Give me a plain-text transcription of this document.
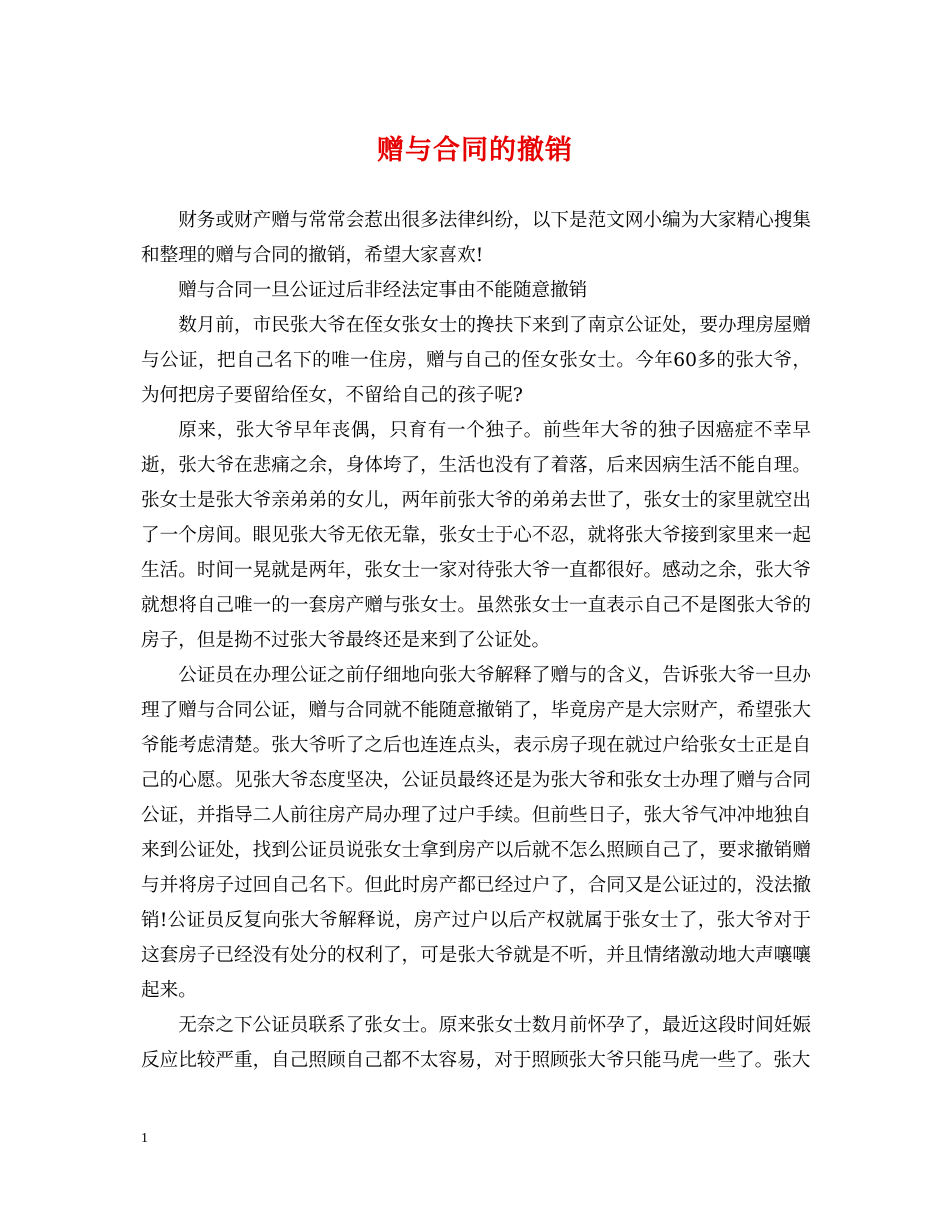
赠与合同的撤销

财务或财产赠与常常会惹出很多法律纠纷，以下是范文网小编为大家精心搜集和整理的赠与合同的撤销，希望大家喜欢!

赠与合同一旦公证过后非经法定事由不能随意撤销

数月前，市民张大爷在侄女张女士的搀扶下来到了南京公证处，要办理房屋赠与公证，把自己名下的唯一住房，赠与自己的侄女张女士。今年60多的张大爷，为何把房子要留给侄女，不留给自己的孩子呢?

原来，张大爷早年丧偶，只育有一个独子。前些年大爷的独子因癌症不幸早逝，张大爷在悲痛之余，身体垮了，生活也没有了着落，后来因病生活不能自理。张女士是张大爷亲弟弟的女儿，两年前张大爷的弟弟去世了，张女士的家里就空出了一个房间。眼见张大爷无依无靠，张女士于心不忍，就将张大爷接到家里来一起生活。时间一晃就是两年，张女士一家对待张大爷一直都很好。感动之余，张大爷就想将自己唯一的一套房产赠与张女士。虽然张女士一直表示自己不是图张大爷的房子，但是拗不过张大爷最终还是来到了公证处。

公证员在办理公证之前仔细地向张大爷解释了赠与的含义，告诉张大爷一旦办理了赠与合同公证，赠与合同就不能随意撤销了，毕竟房产是大宗财产，希望张大爷能考虑清楚。张大爷听了之后也连连点头，表示房子现在就过户给张女士正是自己的心愿。见张大爷态度坚决，公证员最终还是为张大爷和张女士办理了赠与合同公证，并指导二人前往房产局办理了过户手续。但前些日子，张大爷气冲冲地独自来到公证处，找到公证员说张女士拿到房产以后就不怎么照顾自己了，要求撤销赠与并将房子过回自己名下。但此时房产都已经过户了，合同又是公证过的，没法撤销!公证员反复向张大爷解释说，房产过户以后产权就属于张女士了，张大爷对于这套房子已经没有处分的权利了，可是张大爷就是不听，并且情绪激动地大声嚷嚷起来。

无奈之下公证员联系了张女士。原来张女士数月前怀孕了，最近这段时间妊娠反应比较严重，自己照顾自己都不太容易，对于照顾张大爷只能马虎一些了。张大

1
